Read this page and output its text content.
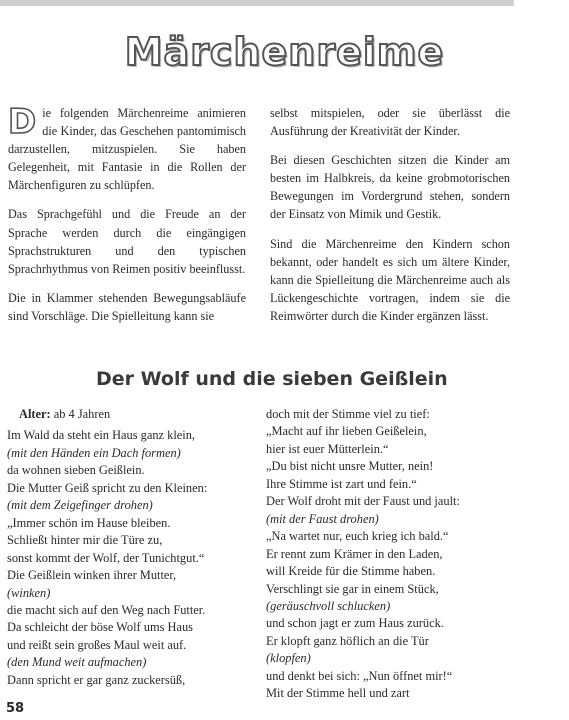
Märchenreime

Die folgenden Märchenreime animieren die Kinder, das Geschehen pantomimisch darzustellen, mitzuspielen. Sie haben Gelegenheit, mit Fantasie in die Rollen der Märchenfiguren zu schlüpfen.

Das Sprachgefühl und die Freude an der Sprache werden durch die eingängigen Sprachstrukturen und den typischen Sprachrhythmus von Reimen positiv beeinflusst.

Die in Klammer stehenden Bewegungsabläufe sind Vorschläge. Die Spielleitung kann sie

selbst mitspielen, oder sie überlässt die Ausführung der Kreativität der Kinder.

Bei diesen Geschichten sitzen die Kinder am besten im Halbkreis, da keine grobmotorischen Bewegungen im Vordergrund stehen, sondern der Einsatz von Mimik und Gestik.

Sind die Märchenreime den Kindern schon bekannt, oder handelt es sich um ältere Kinder, kann die Spielleitung die Märchenreime auch als Lückengeschichte vortragen, indem sie die Reimwörter durch die Kinder ergänzen lässt.

Der Wolf und die sieben Geißlein
Alter: ab 4 Jahren
Im Wald da steht ein Haus ganz klein,
(mit den Händen ein Dach formen)
da wohnen sieben Geißlein.
Die Mutter Geiß spricht zu den Kleinen:
(mit dem Zeigefinger drohen)
„Immer schön im Hause bleiben.
Schließt hinter mir die Türe zu,
sonst kommt der Wolf, der Tunichtgut.“
Die Geißlein winken ihrer Mutter,
(winken)
die macht sich auf den Weg nach Futter.
Da schleicht der böse Wolf ums Haus
und reißt sein großes Maul weit auf.
(den Mund weit aufmachen)
Dann spricht er gar ganz zuckersüß,
doch mit der Stimme viel zu tief:
„Macht auf ihr lieben Geißelein,
hier ist euer Mütterlein.“
„Du bist nicht unsre Mutter, nein!
Ihre Stimme ist zart und fein.“
Der Wolf droht mit der Faust und jault:
(mit der Faust drohen)
„Na wartet nur, euch krieg ich bald.“
Er rennt zum Krämer in den Laden,
will Kreide für die Stimme haben.
Verschlingt sie gar in einem Stück,
(geräuschvoll schlucken)
und schon jagt er zum Haus zurück.
Er klopft ganz höflich an die Tür
(klopfen)
und denkt bei sich: „Nun öffnet mir!“
Mit der Stimme hell und zart
58
